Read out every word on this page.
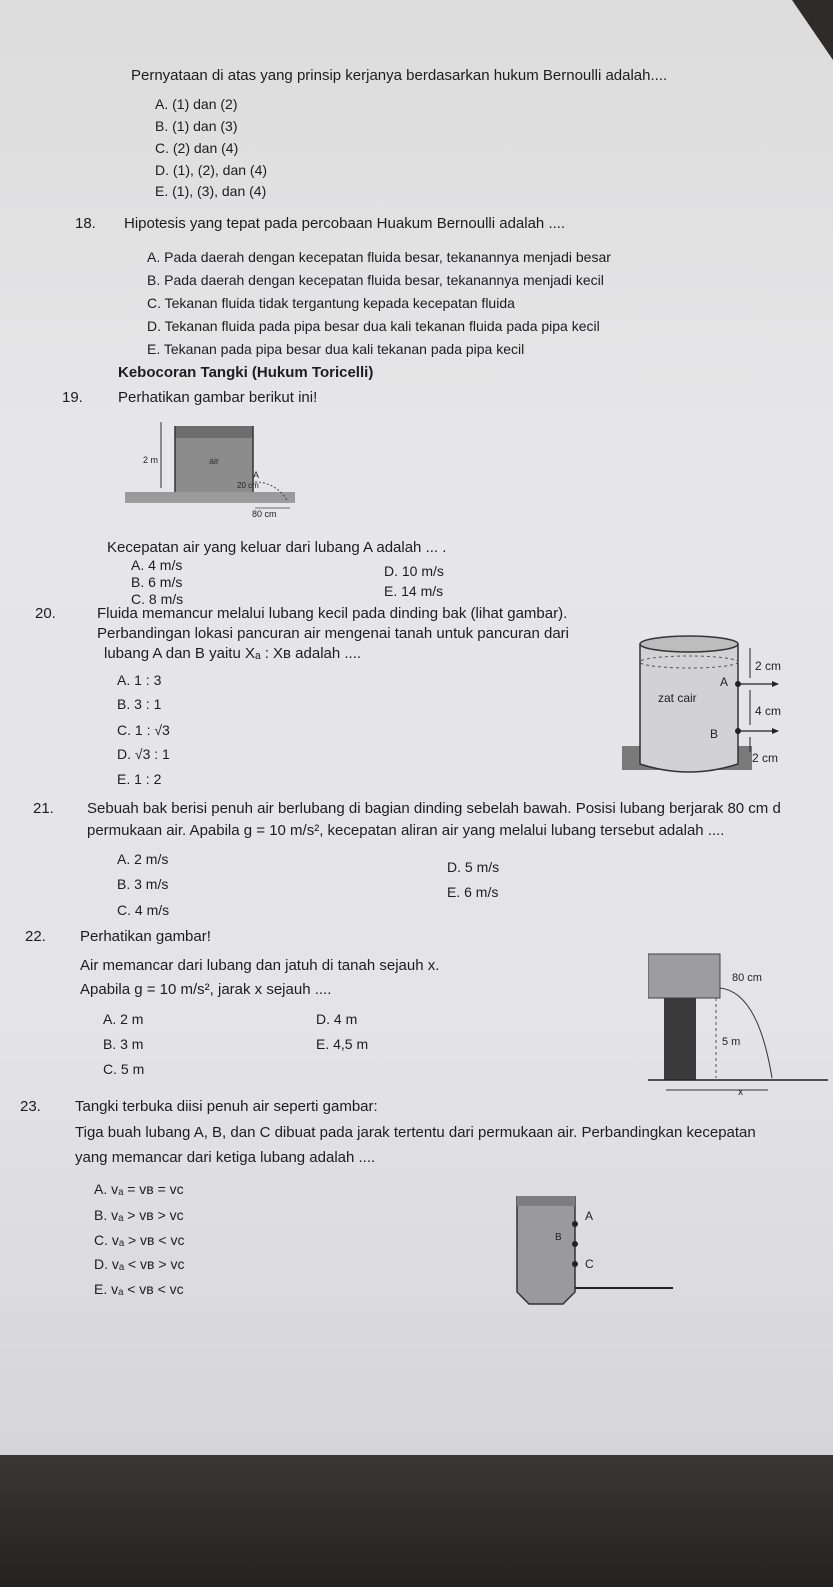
Pernyataan di atas yang prinsip kerjanya berdasarkan hukum Bernoulli adalah....
A. (1) dan (2)
B. (1) dan (3)
C. (2) dan (4)
D. (1), (2), dan (4)
E. (1), (3), dan (4)
18. Hipotesis yang tepat pada percobaan Huakum Bernoulli adalah ....
A. Pada daerah dengan kecepatan fluida besar, tekanannya menjadi besar
B. Pada daerah dengan kecepatan fluida besar, tekanannya menjadi kecil
C. Tekanan fluida tidak tergantung kepada kecepatan fluida
D. Tekanan fluida pada pipa besar dua kali tekanan fluida pada pipa kecil
E. Tekanan pada pipa besar dua kali tekanan pada pipa kecil
Kebocoran Tangki (Hukum Toricelli)
19. Perhatikan gambar berikut ini!
2 m	air
A
20 cm
80 cm
Kecepatan air yang keluar dari lubang A adalah ... .
A. 4 m/s
B. 6 m/s
C. 8 m/s
D. 10 m/s
E. 14 m/s
20.	Fluida memancur melalui lubang kecil pada dinding bak (lihat gambar).
Perbandingan lokasi pancuran air mengenai tanah untuk pancuran dari
lubang A dan B yaitu Xₐ : Xʙ adalah ....
A. 1 : 3
B. 3 : 1
C. 1 : √3
D. √3 : 1
E. 1 : 2
2 cm
4 cm
2 cm
A
B
zat cair
21. Sebuah bak berisi penuh air berlubang di bagian dinding sebelah bawah. Posisi lubang berjarak 80 cm d
permukaan air. Apabila g = 10 m/s², kecepatan aliran air yang melalui lubang tersebut adalah ....
A. 2 m/s
B. 3 m/s
C. 4 m/s
D. 5 m/s
E. 6 m/s
22. Perhatikan gambar!
Air memancar dari lubang dan jatuh di tanah sejauh x.
Apabila g = 10 m/s², jarak x sejauh ....
A. 2 m
B. 3 m
C. 5 m
D. 4 m
E. 4,5 m
80 cm
5 m
x
23. Tangki terbuka diisi penuh air seperti gambar:
Tiga buah lubang A, B, dan C dibuat pada jarak tertentu dari permukaan air. Perbandingkan kecepatan
yang memancar dari ketiga lubang adalah ....
A. vₐ = vʙ = vc
B. vₐ > vʙ > vc
C. vₐ > vʙ < vc
D. vₐ < vʙ > vc
E. vₐ < vʙ < vc
A
B
C
